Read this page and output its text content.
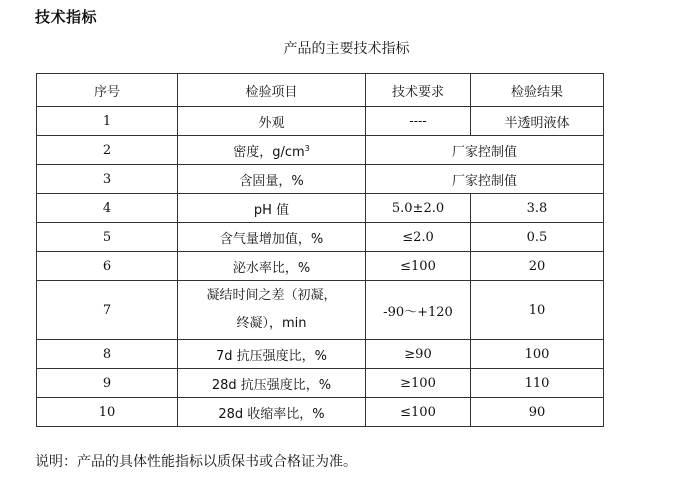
技术指标
产品的主要技术指标
序号	检验项目	技术要求	检验结果
1	外观	----	半透明液体
2	密度，$g/cm^3$	厂家控制值	
3	含固量，%	厂家控制值	
4	pH 值	5.0±2.0	3.8
5	含气量增加值，%	≤2.0	0.5
6	泌水率比，%	≤100	20
7	凝结时间之差（初凝，
终凝），min	-90～+120	10
8	7d 抗压强度比，%	≥90	100
9	28d 抗压强度比，%	≥100	110
10	28d 收缩率比，%	≤100	90
说明：产品的具体性能指标以质保书或合格证为准。
